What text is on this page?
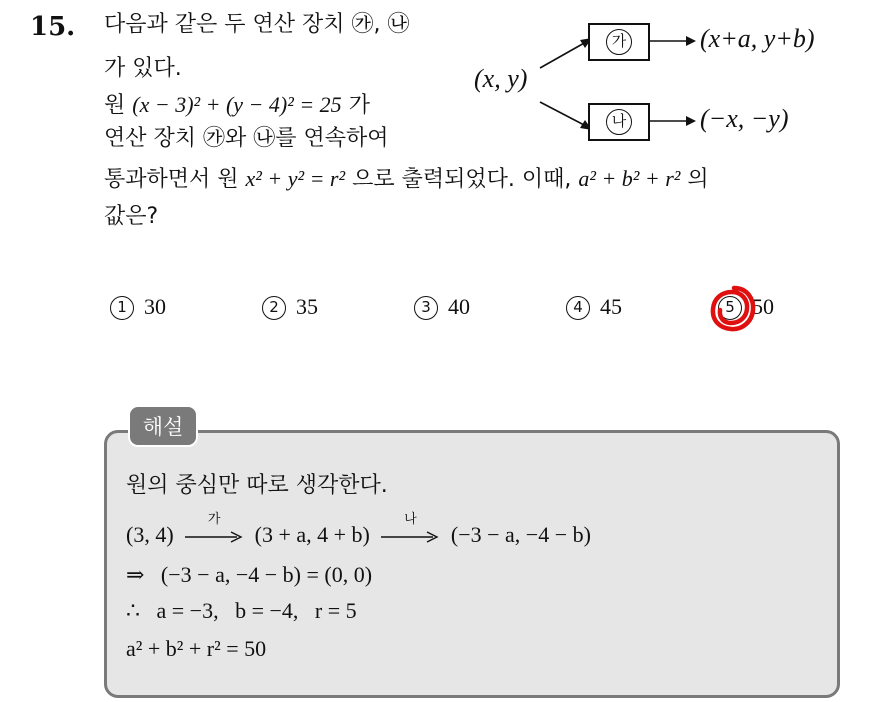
15. 다음과 같은 두 연산 장치 ㉮, ㉯
가 있다.
원 (x − 3)² + (y − 4)² = 25 가
연산 장치 ㉮와 ㉯를 연속하여
통과하면서 원 x² + y² = r² 으로 출력되었다. 이때, a² + b² + r² 의
값은?
(x, y)
가
나
(x+a, y+b)
(−x, −y)
1 30	2 35	3 40	4 45	5 50
해설
원의 중심만 따로 생각한다.
(3, 4)
가
(3 + a, 4 + b)
나
(−3 − a, −4 − b)
⇒   (−3 − a, −4 − b) = (0, 0)
∴   a = −3,   b = −4,   r = 5
a² + b² + r² = 50
